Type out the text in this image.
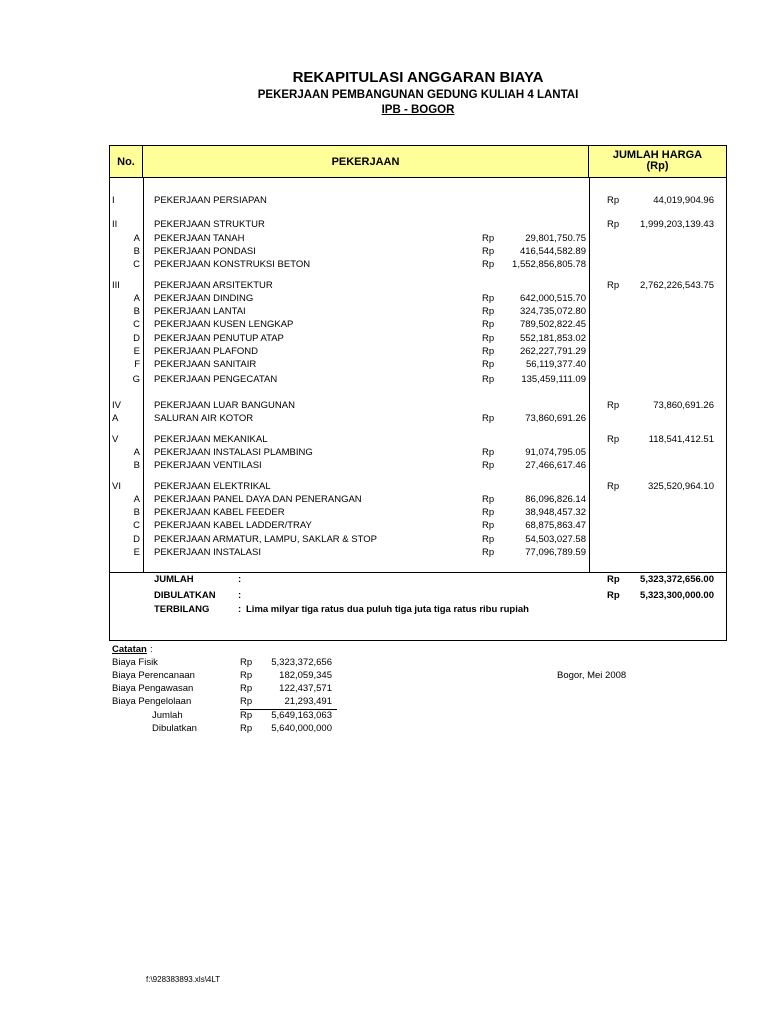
REKAPITULASI ANGGARAN BIAYA
PEKERJAAN PEMBANGUNAN GEDUNG KULIAH 4 LANTAI
IPB - BOGOR
No.	PEKERJAAN
JUMLAH HARGA
(Rp)
I	PEKERJAAN PERSIAPAN	Rp	44,019,904.96
II	PEKERJAAN STRUKTUR	Rp	1,999,203,139.43
A PEKERJAAN TANAH	Rp	29,801,750.75
B PEKERJAAN PONDASI	Rp	416,544,582.89
C PEKERJAAN KONSTRUKSI BETON	Rp	1,552,856,805.78
III	PEKERJAAN ARSITEKTUR	Rp	2,762,226,543.75
A PEKERJAAN DINDING	Rp	642,000,515.70
B PEKERJAAN LANTAI	Rp	324,735,072.80
C PEKERJAAN KUSEN LENGKAP	Rp	789,502,822.45
D PEKERJAAN PENUTUP ATAP	Rp	552,181,853.02
E PEKERJAAN PLAFOND	Rp	262,227,791.29
F PEKERJAAN SANITAIR	Rp	56,119,377.40
G PEKERJAAN PENGECATAN	Rp	135,459,111.09
IV	PEKERJAAN LUAR BANGUNAN	Rp	73,860,691.26
A	SALURAN AIR KOTOR	Rp	73,860,691.26
V	PEKERJAAN MEKANIKAL	Rp	118,541,412.51
A PEKERJAAN INSTALASI PLAMBING	Rp	91,074,795.05
B PEKERJAAN VENTILASI	Rp	27,466,617.46
VI	PEKERJAAN ELEKTRIKAL	Rp	325,520,964.10
A PEKERJAAN PANEL DAYA DAN PENERANGAN	Rp	86,096,826.14
B PEKERJAAN KABEL FEEDER	Rp	38,948,457.32
C PEKERJAAN KABEL LADDER/TRAY	Rp	68,875,863.47
D PEKERJAAN ARMATUR, LAMPU, SAKLAR & STOP	Rp	54,503,027.58
E PEKERJAAN INSTALASI	Rp	77,096,789.59
JUMLAH	:	Rp	5,323,372,656.00
DIBULATKAN :	Rp	5,323,300,000.00
TERBILANG	: Lima milyar tiga ratus dua puluh tiga juta tiga ratus ribu rupiah
Catatan :
Biaya Fisik	Rp	5,323,372,656
Biaya Perencanaan	Rp	182,059,345
Biaya Pengawasan	Rp	122,437,571
Biaya Pengelolaan	Rp	21,293,491
Jumlah	Rp	5,649,163,063
Dibulatkan	Rp	5,640,000,000
Bogor, Mei 2008
f:\928383893.xls\4LT
